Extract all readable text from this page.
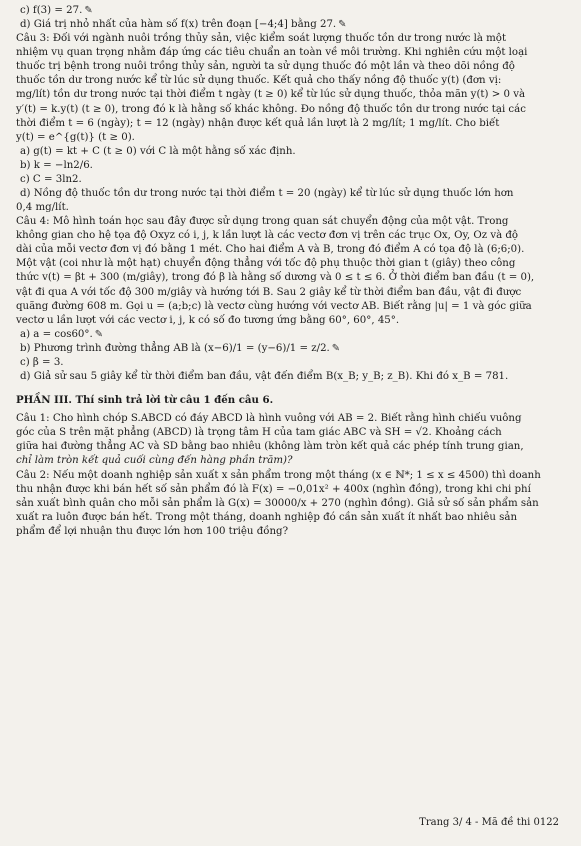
c) f(3) = 27. ✎
d) Giá trị nhỏ nhất của hàm số f(x) trên đoạn [−4;4] bằng 27. ✎
Câu 3: Đối với ngành nuôi trồng thủy sản, việc kiểm soát lượng thuốc tồn dư trong nước là một
nhiệm vụ quan trọng nhằm đáp ứng các tiêu chuẩn an toàn về môi trường. Khi nghiên cứu một loại
thuốc trị bệnh trong nuôi trồng thủy sản, người ta sử dụng thuốc đó một lần và theo dõi nồng độ
thuốc tồn dư trong nước kể từ lúc sử dụng thuốc. Kết quả cho thấy nồng độ thuốc y(t) (đơn vị:
mg/lít) tồn dư trong nước tại thời điểm t ngày (t ≥ 0) kể từ lúc sử dụng thuốc, thỏa mãn y(t) > 0 và
y′(t) = k.y(t) (t ≥ 0), trong đó k là hằng số khác không. Đo nồng độ thuốc tồn dư trong nước tại các
thời điểm t = 6 (ngày); t = 12 (ngày) nhận được kết quả lần lượt là 2 mg/lít; 1 mg/lít. Cho biết
y(t) = e^{g(t)} (t ≥ 0).
a) g(t) = kt + C (t ≥ 0) với C là một hằng số xác định.
b) k = −ln2/6.
c) C = 3ln2.
d) Nồng độ thuốc tồn dư trong nước tại thời điểm t = 20 (ngày) kể từ lúc sử dụng thuốc lớn hơn
0,4 mg/lít.
Câu 4: Mô hình toán học sau đây được sử dụng trong quan sát chuyển động của một vật. Trong
không gian cho hệ tọa độ Oxyz có i, j, k lần lượt là các vectơ đơn vị trên các trục Ox, Oy, Oz và độ
dài của mỗi vectơ đơn vị đó bằng 1 mét. Cho hai điểm A và B, trong đó điểm A có tọa độ là (6;6;0).
Một vật (coi như là một hạt) chuyển động thẳng với tốc độ phụ thuộc thời gian t (giây) theo công
thức v(t) = βt + 300 (m/giây), trong đó β là hằng số dương và 0 ≤ t ≤ 6. Ở thời điểm ban đầu (t = 0),
vật đi qua A với tốc độ 300 m/giây và hướng tới B. Sau 2 giây kể từ thời điểm ban đầu, vật đi được
quãng đường 608 m. Gọi u = (a;b;c) là vectơ cùng hướng với vectơ AB. Biết rằng |u| = 1 và góc giữa
vectơ u lần lượt với các vectơ i, j, k có số đo tương ứng bằng 60°, 60°, 45°.
a) a = cos60°. ✎
b) Phương trình đường thẳng AB là (x−6)/1 = (y−6)/1 = z/2. ✎
c) β = 3.
d) Giả sử sau 5 giây kể từ thời điểm ban đầu, vật đến điểm B(x_B; y_B; z_B). Khi đó x_B = 781.
PHẦN III. Thí sinh trả lời từ câu 1 đến câu 6.
Câu 1: Cho hình chóp S.ABCD có đáy ABCD là hình vuông với AB = 2. Biết rằng hình chiếu vuông
góc của S trên mặt phẳng (ABCD) là trọng tâm H của tam giác ABC và SH = √2. Khoảng cách
giữa hai đường thẳng AC và SD bằng bao nhiêu (không làm tròn kết quả các phép tính trung gian,
chỉ làm tròn kết quả cuối cùng đến hàng phần trăm)?
Câu 2: Nếu một doanh nghiệp sản xuất x sản phẩm trong một tháng (x ∈ ℕ*; 1 ≤ x ≤ 4500) thì doanh
thu nhận được khi bán hết số sản phẩm đó là F(x) = −0,01x² + 400x (nghìn đồng), trong khi chi phí
sản xuất bình quân cho mỗi sản phẩm là G(x) = 30000/x + 270 (nghìn đồng). Giả sử số sản phẩm sản
xuất ra luôn được bán hết. Trong một tháng, doanh nghiệp đó cần sản xuất ít nhất bao nhiêu sản
phẩm để lợi nhuận thu được lớn hơn 100 triệu đồng?
Trang 3/ 4 - Mã đề thi 0122
